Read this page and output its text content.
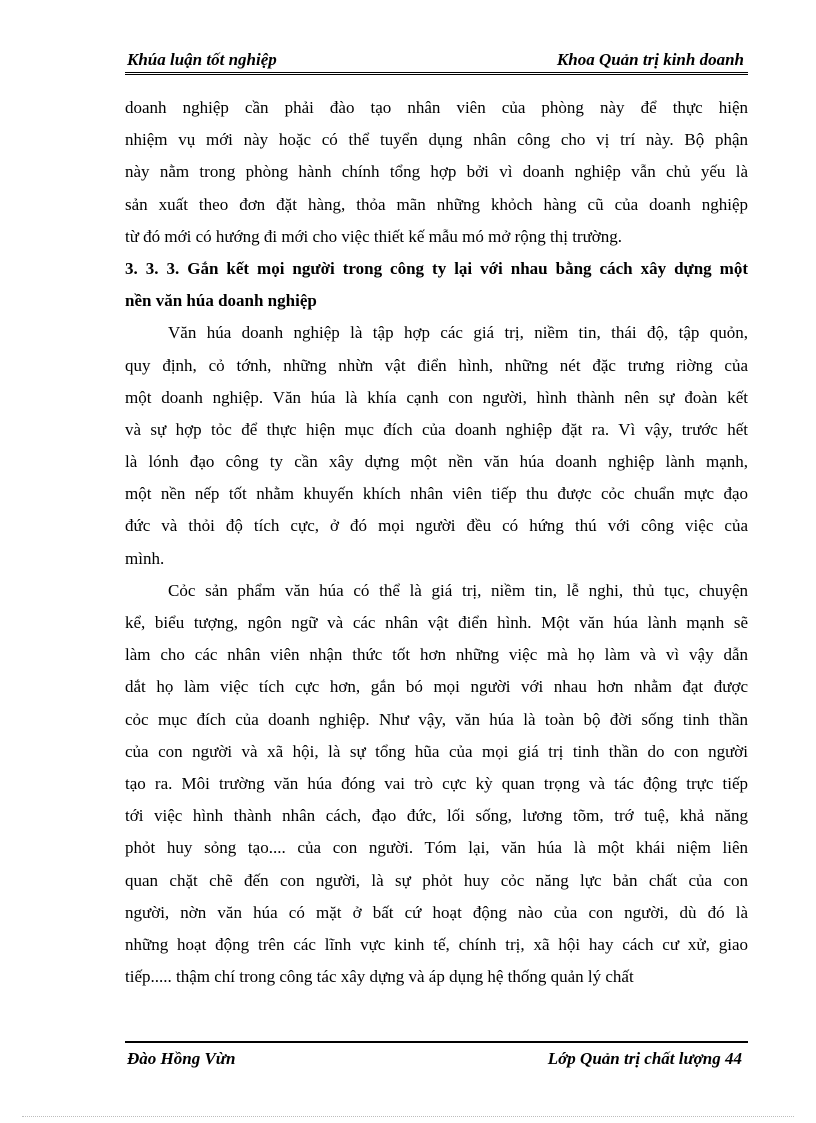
Khúa luận tốt nghiệp	Khoa Quản trị kinh doanh
doanh nghiệp cần phải đào tạo nhân viên của phòng này để thực hiện
nhiệm vụ mới này hoặc có thể tuyển dụng nhân công cho vị trí này. Bộ phận
này nằm trong phòng hành chính tổng hợp bởi vì doanh nghiệp vẫn chủ yếu là
sản xuất theo đơn đặt hàng, thỏa mãn những khỏch hàng cũ của doanh nghiệp
từ đó mới có hướng đi mới cho việc thiết kế mẫu mó mở rộng thị trường.
3. 3. 3. Gắn kết mọi người trong công ty lại với nhau bằng cách xây dựng một
nền văn húa doanh nghiệp
Văn húa doanh nghiệp là tập hợp các giá trị, niềm tin, thái độ, tập quỏn,
quy định, cỏ tớnh, những nhừn vật điển hình, những nét đặc trưng riờng của
một doanh nghiệp. Văn húa là khía cạnh con người, hình thành nên sự đoàn kết
và sự hợp tỏc để thực hiện mục đích của doanh nghiệp đặt ra. Vì vậy, trước hết
là lónh đạo công ty cần xây dựng một nền văn húa doanh nghiệp lành mạnh,
một nền nếp tốt nhằm khuyến khích nhân viên tiếp thu được cỏc chuẩn mực đạo
đức và thỏi độ tích cực, ở đó mọi người đều có hứng thú với công việc của
mình.
Cỏc sản phẩm văn húa có thể là giá trị, niềm tin, lễ nghi, thủ tục, chuyện
kể, biểu tượng, ngôn ngữ và các nhân vật điển hình. Một văn húa lành mạnh sẽ
làm cho các nhân viên nhận thức tốt hơn những việc mà họ làm và vì vậy dẫn
dắt họ làm việc tích cực hơn, gắn bó mọi người với nhau hơn nhằm đạt được
cỏc mục đích của doanh nghiệp. Như vậy, văn húa là toàn bộ đời sống tinh thần
của con người và xã hội, là sự tổng hũa của mọi giá trị tinh thần do con người
tạo ra. Môi trường văn húa đóng vai trò cực kỳ quan trọng và tác động trực tiếp
tới việc hình thành nhân cách, đạo đức, lối sống, lương tõm, trớ tuệ, khả năng
phỏt huy sỏng tạo.... của con người. Tóm lại, văn húa là một khái niệm liên
quan chặt chẽ đến con người, là sự phỏt huy cỏc năng lực bản chất của con
người, nờn văn húa có mặt ở bất cứ hoạt động nào của con người, dù đó là
những hoạt động trên các lĩnh vực kinh tế, chính trị, xã hội hay cách cư xử, giao
tiếp..... thậm chí trong công tác xây dựng và áp dụng hệ thống quản lý chất
Đào Hồng Vừn	Lớp Quản trị chất lượng 44
